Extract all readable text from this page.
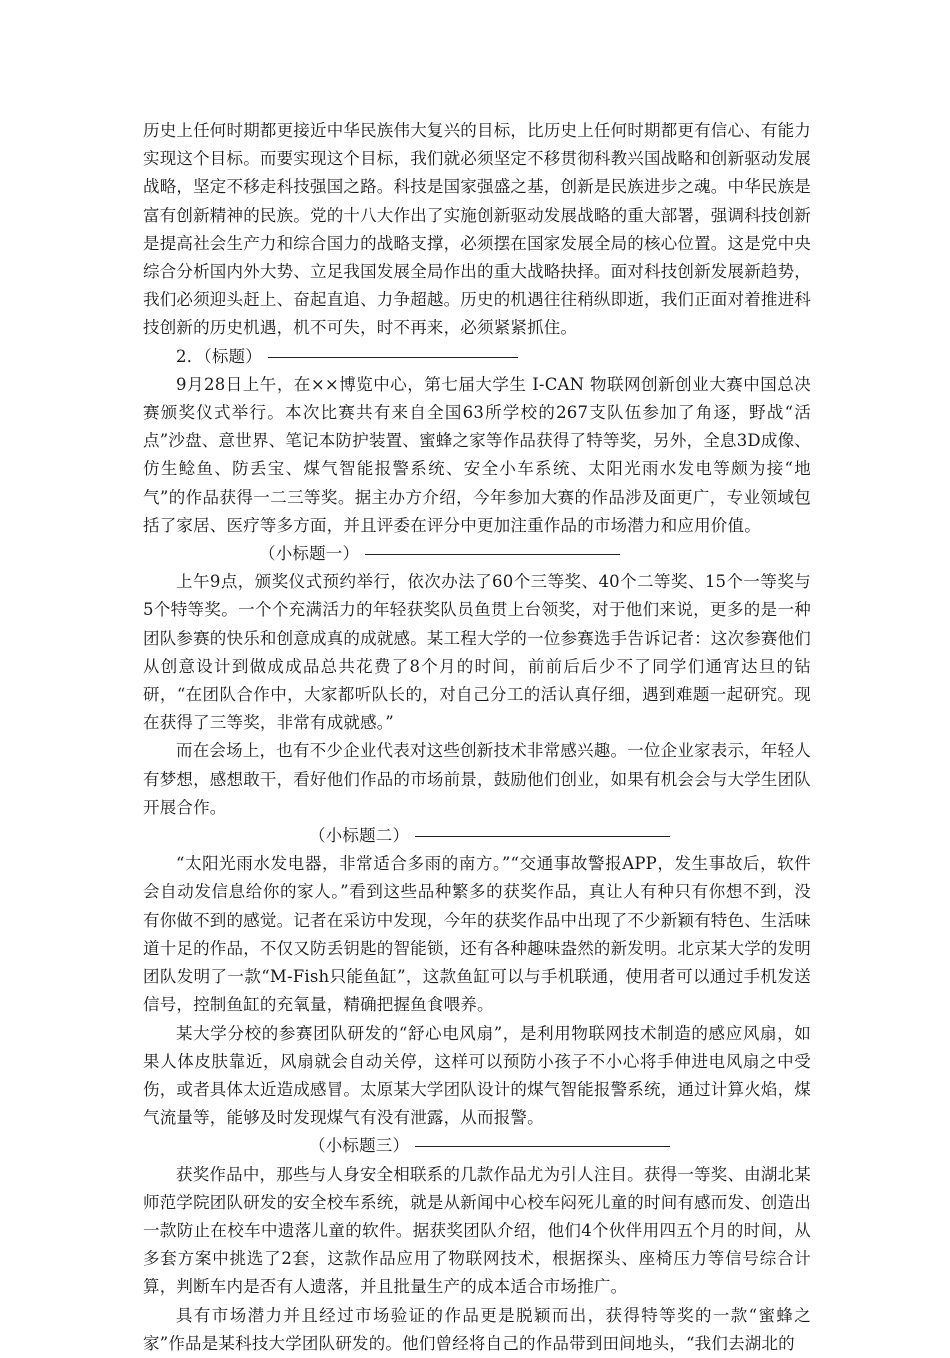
历史上任何时期都更接近中华民族伟大复兴的目标，比历史上任何时期都更有信心、有能力实现这个目标。而要实现这个目标，我们就必须坚定不移贯彻科教兴国战略和创新驱动发展战略，坚定不移走科技强国之路。科技是国家强盛之基，创新是民族进步之魂。中华民族是富有创新精神的民族。党的十八大作出了实施创新驱动发展战略的重大部署，强调科技创新是提高社会生产力和综合国力的战略支撑，必须摆在国家发展全局的核心位置。这是党中央综合分析国内外大势、立足我国发展全局作出的重大战略抉择。面对科技创新发展新趋势，我们必须迎头赶上、奋起直追、力争超越。历史的机遇往往稍纵即逝，我们正面对着推进科技创新的历史机遇，机不可失，时不再来，必须紧紧抓住。

2．（标题）

9月28日上午，在××博览中心，第七届大学生 I-CAN 物联网创新创业大赛中国总决赛颁奖仪式举行。本次比赛共有来自全国63所学校的267支队伍参加了角逐，野战“活点”沙盘、意世界、笔记本防护装置、蜜蜂之家等作品获得了特等奖，另外，全息3D成像、仿生鲶鱼、防丢宝、煤气智能报警系统、安全小车系统、太阳光雨水发电等颇为接“地气”的作品获得一二三等奖。据主办方介绍，今年参加大赛的作品涉及面更广，专业领域包括了家居、医疗等多方面，并且评委在评分中更加注重作品的市场潜力和应用价值。

（小标题一）

上午9点，颁奖仪式预约举行，依次办法了60个三等奖、40个二等奖、15个一等奖与5个特等奖。一个个充满活力的年轻获奖队员鱼贯上台领奖，对于他们来说，更多的是一种团队参赛的快乐和创意成真的成就感。某工程大学的一位参赛选手告诉记者：这次参赛他们从创意设计到做成成品总共花费了8个月的时间，前前后后少不了同学们通宵达旦的钻研，“在团队合作中，大家都听队长的，对自己分工的活认真仔细，遇到难题一起研究。现在获得了三等奖，非常有成就感。”

而在会场上，也有不少企业代表对这些创新技术非常感兴趣。一位企业家表示，年轻人有梦想，感想敢干，看好他们作品的市场前景，鼓励他们创业，如果有机会会与大学生团队开展合作。

（小标题二）

“太阳光雨水发电器，非常适合多雨的南方。”“交通事故警报APP，发生事故后，软件会自动发信息给你的家人。”看到这些品种繁多的获奖作品，真让人有种只有你想不到，没有你做不到的感觉。记者在采访中发现，今年的获奖作品中出现了不少新颖有特色、生活味道十足的作品，不仅又防丢钥匙的智能锁，还有各种趣味盎然的新发明。北京某大学的发明团队发明了一款“M-Fish只能鱼缸”，这款鱼缸可以与手机联通，使用者可以通过手机发送信号，控制鱼缸的充氧量，精确把握鱼食喂养。

某大学分校的参赛团队研发的“舒心电风扇”，是利用物联网技术制造的感应风扇，如果人体皮肤靠近，风扇就会自动关停，这样可以预防小孩子不小心将手伸进电风扇之中受伤，或者具体太近造成感冒。太原某大学团队设计的煤气智能报警系统，通过计算火焰，煤气流量等，能够及时发现煤气有没有泄露，从而报警。

（小标题三）

获奖作品中，那些与人身安全相联系的几款作品尤为引人注目。获得一等奖、由湖北某师范学院团队研发的安全校车系统，就是从新闻中心校车闷死儿童的时间有感而发、创造出一款防止在校车中遗落儿童的软件。据获奖团队介绍，他们4个伙伴用四五个月的时间，从多套方案中挑选了2套，这款作品应用了物联网技术，根据探头、座椅压力等信号综合计算，判断车内是否有人遗落，并且批量生产的成本适合市场推广。

具有市场潜力并且经过市场验证的作品更是脱颖而出，获得特等奖的一款“蜜蜂之家”作品是某科技大学团队研发的。他们曾经将自己的作品带到田间地头，“我们去湖北的
